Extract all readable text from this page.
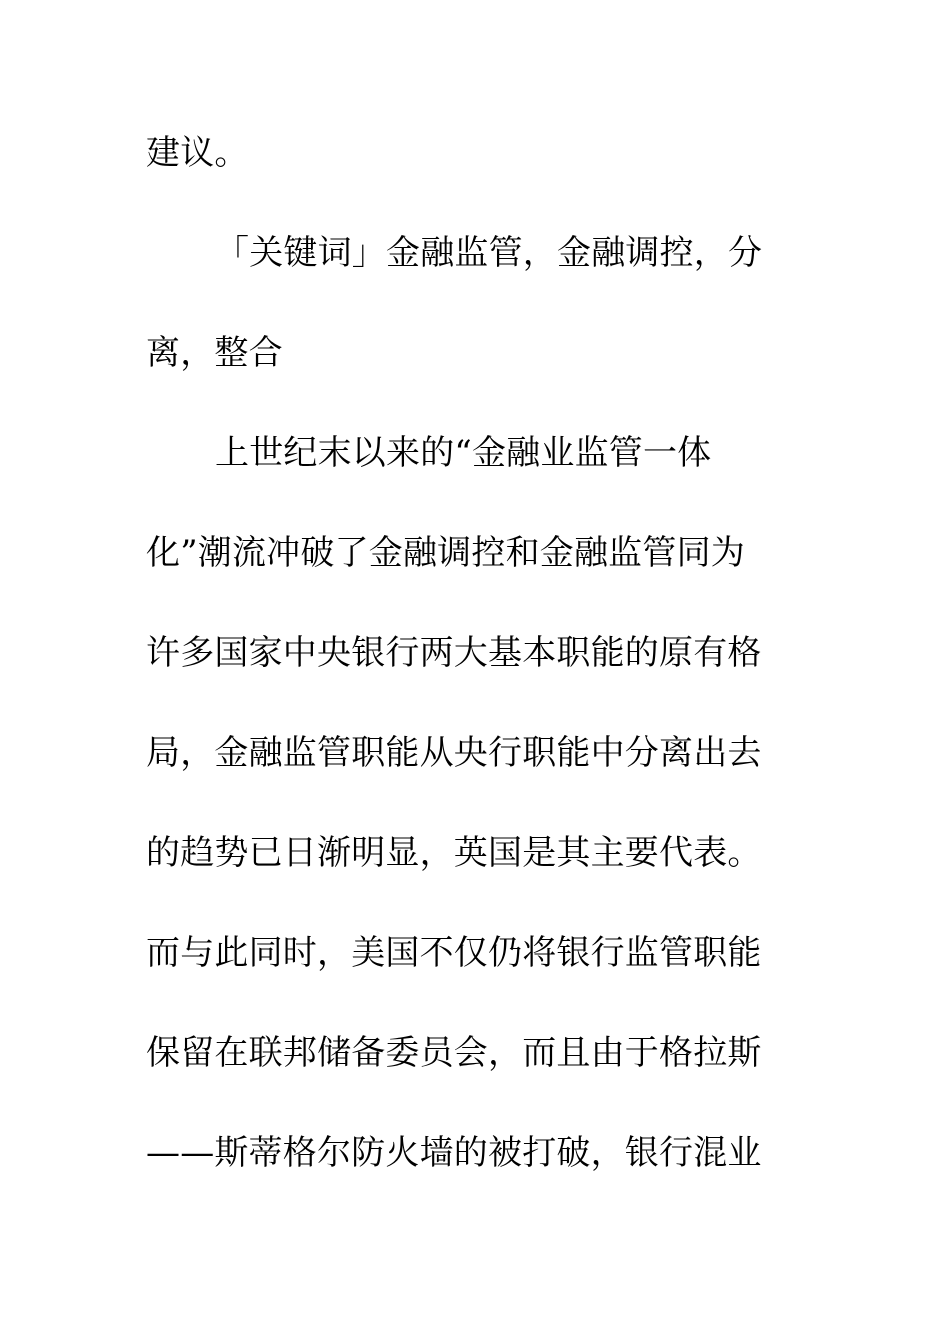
建议。
「关键词」金融监管，金融调控，分
离，整合
上世纪末以来的“金融业监管一体
化”潮流冲破了金融调控和金融监管同为
许多国家中央银行两大基本职能的原有格
局，金融监管职能从央行职能中分离出去
的趋势已日渐明显，英国是其主要代表。
而与此同时，美国不仅仍将银行监管职能
保留在联邦储备委员会，而且由于格拉斯
——斯蒂格尔防火墙的被打破，银行混业
